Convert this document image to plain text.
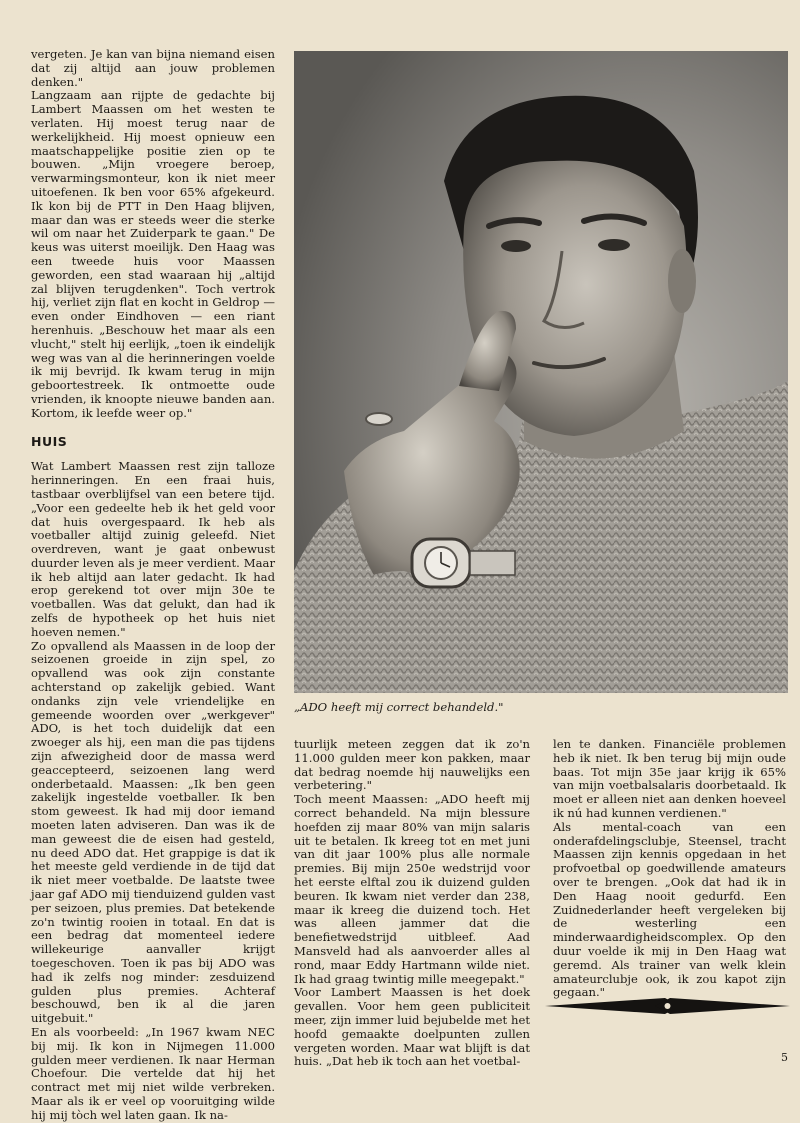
vergeten. Je kan van bijna niemand eisen dat zij altijd aan jouw problemen denken."

Langzaam aan rijpte de gedachte bij Lambert Maassen om het westen te verlaten. Hij moest terug naar de werkelijkheid. Hij moest opnieuw een maatschappelijke positie zien op te bouwen. „Mijn vroegere beroep, verwarmingsmonteur, kon ik niet meer uitoefenen. Ik ben voor 65% afgekeurd. Ik kon bij de PTT in Den Haag blijven, maar dan was er steeds weer die sterke wil om naar het Zuiderpark te gaan." De keus was uiterst moeilijk. Den Haag was een tweede huis voor Maassen geworden, een stad waaraan hij „altijd zal blijven terugdenken". Toch vertrok hij, verliet zijn flat en kocht in Geldrop — even onder Eindhoven — een riant herenhuis. „Beschouw het maar als een vlucht," stelt hij eerlijk, „toen ik eindelijk weg was van al die herinneringen voelde ik mij bevrijd. Ik kwam terug in mijn geboortestreek. Ik ontmoette oude vrienden, ik knoopte nieuwe banden aan. Kortom, ik leefde weer op."

HUIS

Wat Lambert Maassen rest zijn talloze herinneringen. En een fraai huis, tastbaar overblijfsel van een betere tijd. „Voor een gedeelte heb ik het geld voor dat huis overgespaard. Ik heb als voetballer altijd zuinig geleefd. Niet overdreven, want je gaat onbewust duurder leven als je meer verdient. Maar ik heb altijd aan later gedacht. Ik had erop gerekend tot over mijn 30e te voetballen. Was dat gelukt, dan had ik zelfs de hypotheek op het huis niet hoeven nemen."

Zo opvallend als Maassen in de loop der seizoenen groeide in zijn spel, zo opvallend was ook zijn constante achterstand op zakelijk gebied. Want ondanks zijn vele vriendelijke en gemeende woorden over „werkgever" ADO, is het toch duidelijk dat een zwoeger als hij, een man die pas tijdens zijn afwezigheid door de massa werd geaccepteerd, seizoenen lang werd onderbetaald. Maassen: „Ik ben geen zakelijk ingestelde voetballer. Ik ben stom geweest. Ik had mij door iemand moeten laten adviseren. Dan was ik de man geweest die de eisen had gesteld, nu deed ADO dat. Het grappige is dat ik het meeste geld verdiende in de tijd dat ik niet meer voetbalde. De laatste twee jaar gaf ADO mij tienduizend gulden vast per seizoen, plus premies. Dat betekende zo'n twintig rooien in totaal. En dat is een bedrag dat momenteel iedere willekeurige aanvaller krijgt toegeschoven. Toen ik pas bij ADO was had ik zelfs nog minder: zesduizend gulden plus premies. Achteraf beschouwd, ben ik al die jaren uitgebuit."

En als voorbeeld: „In 1967 kwam NEC bij mij. Ik kon in Nijmegen 11.000 gulden meer verdienen. Ik naar Herman Choefour. Die vertelde dat hij het contract met mij niet wilde verbreken. Maar als ik er veel op vooruitging wilde hij mij tòch wel laten gaan. Ik na-

„ADO heeft mij correct behandeld."

tuurlijk meteen zeggen dat ik zo'n 11.000 gulden meer kon pakken, maar dat bedrag noemde hij nauwelijks een verbetering."

Toch meent Maassen: „ADO heeft mij correct behandeld. Na mijn blessure hoefden zij maar 80% van mijn salaris uit te betalen. Ik kreeg tot en met juni van dit jaar 100% plus alle normale premies. Bij mijn 250e wedstrijd voor het eerste elftal zou ik duizend gulden beuren. Ik kwam niet verder dan 238, maar ik kreeg die duizend toch. Het was alleen jammer dat die benefietwedstrijd uitbleef. Aad Mansveld had als aanvoerder alles al rond, maar Eddy Hartmann wilde niet. Ik had graag twintig mille meegepakt."

Voor Lambert Maassen is het doek gevallen. Voor hem geen publiciteit meer, zijn immer luid bejubelde met het hoofd gemaakte doelpunten zullen vergeten worden. Maar wat blijft is dat huis. „Dat heb ik toch aan het voetbal-

len te danken. Financiële problemen heb ik niet. Ik ben terug bij mijn oude baas. Tot mijn 35e jaar krijg ik 65% van mijn voetbalsalaris doorbetaald. Ik moet er alleen niet aan denken hoeveel ik nú had kunnen verdienen."

Als mental-coach van een onderafdelingsclubje, Steensel, tracht Maassen zijn kennis opgedaan in het profvoetbal op goedwillende amateurs over te brengen. „Ook dat had ik in Den Haag nooit gedurfd. Een Zuidnederlander heeft vergeleken bij de westerling een minderwaardigheidscomplex. Op den duur voelde ik mij in Den Haag wat geremd. Als trainer van welk klein amateurclubje ook, ik zou kapot zijn gegaan."

5
